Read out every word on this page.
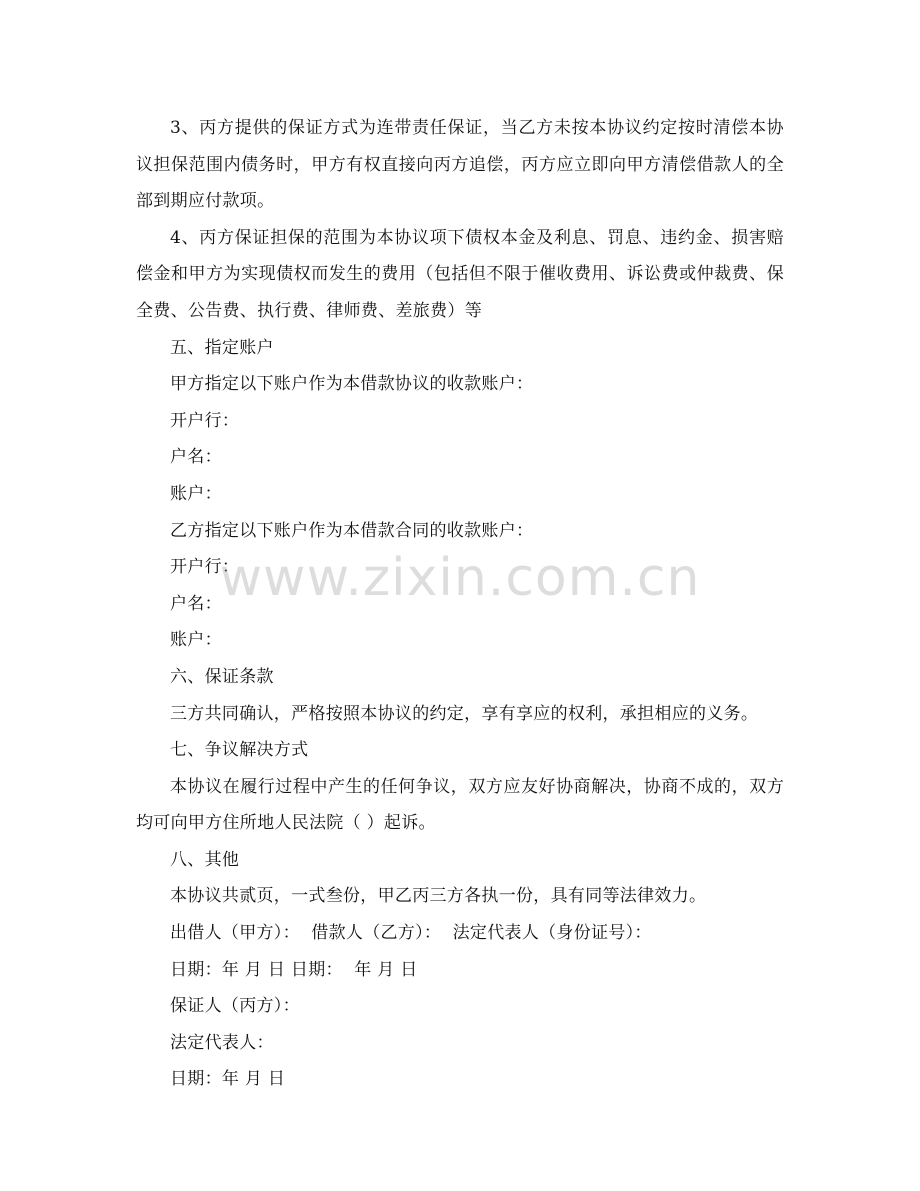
3、丙方提供的保证方式为连带责任保证，当乙方未按本协议约定按时清偿本协议担保范围内债务时，甲方有权直接向丙方追偿，丙方应立即向甲方清偿借款人的全部到期应付款项。

4、丙方保证担保的范围为本协议项下债权本金及利息、罚息、违约金、损害赔偿金和甲方为实现债权而发生的费用（包括但不限于催收费用、诉讼费或仲裁费、保全费、公告费、执行费、律师费、差旅费）等

五、指定账户

甲方指定以下账户作为本借款协议的收款账户：

开户行：

户名：

账户：

乙方指定以下账户作为本借款合同的收款账户：

开户行：

户名：

账户：

六、保证条款

三方共同确认，严格按照本协议的约定，享有享应的权利，承担相应的义务。

七、争议解决方式

本协议在履行过程中产生的任何争议，双方应友好协商解决，协商不成的，双方均可向甲方住所地人民法院（ ）起诉。

八、其他

本协议共贰页，一式叁份，甲乙丙三方各执一份，具有同等法律效力。

出借人（甲方）：  借款人（乙方）：  法定代表人（身份证号）：

日期：年 月 日 日期：  年 月 日

保证人（丙方）：

法定代表人：

日期：年 月 日

www.zixin.com.cn
